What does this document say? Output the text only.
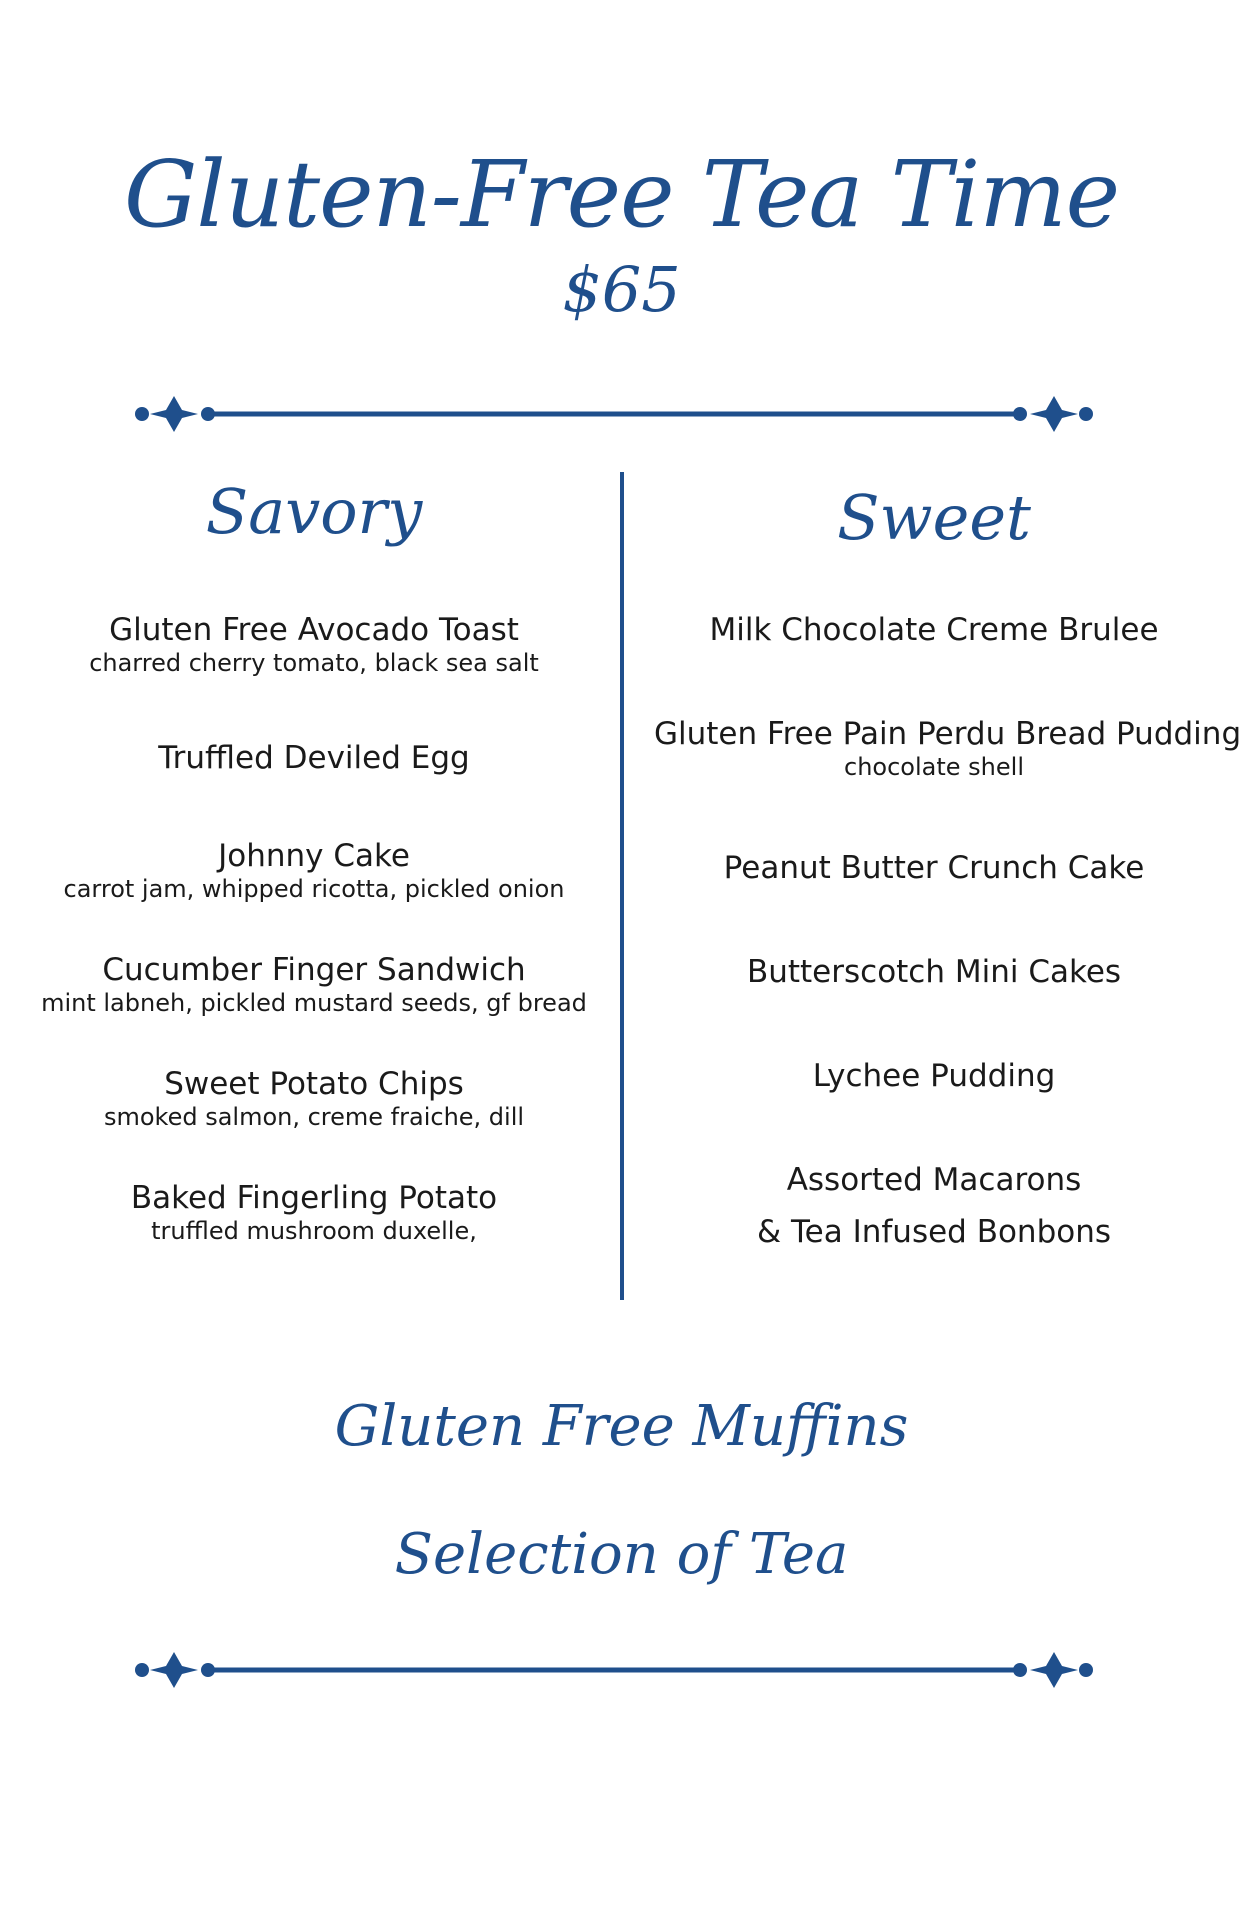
Gluten-Free Tea Time
$65
Savory	Sweet
Gluten Free Avocado Toast
charred cherry tomato, black sea salt
Truffled Deviled Egg
Johnny Cake
carrot jam, whipped ricotta, pickled onion
Cucumber Finger Sandwich
mint labneh, pickled mustard seeds, gf bread
Sweet Potato Chips
smoked salmon, creme fraiche, dill
Baked Fingerling Potato
truffled mushroom duxelle,
Milk Chocolate Creme Brulee
Gluten Free Pain Perdu Bread Pudding
chocolate shell
Peanut Butter Crunch Cake
Butterscotch Mini Cakes
Lychee Pudding
Assorted Macarons
& Tea Infused Bonbons
Gluten Free Muffins
Selection of Tea
